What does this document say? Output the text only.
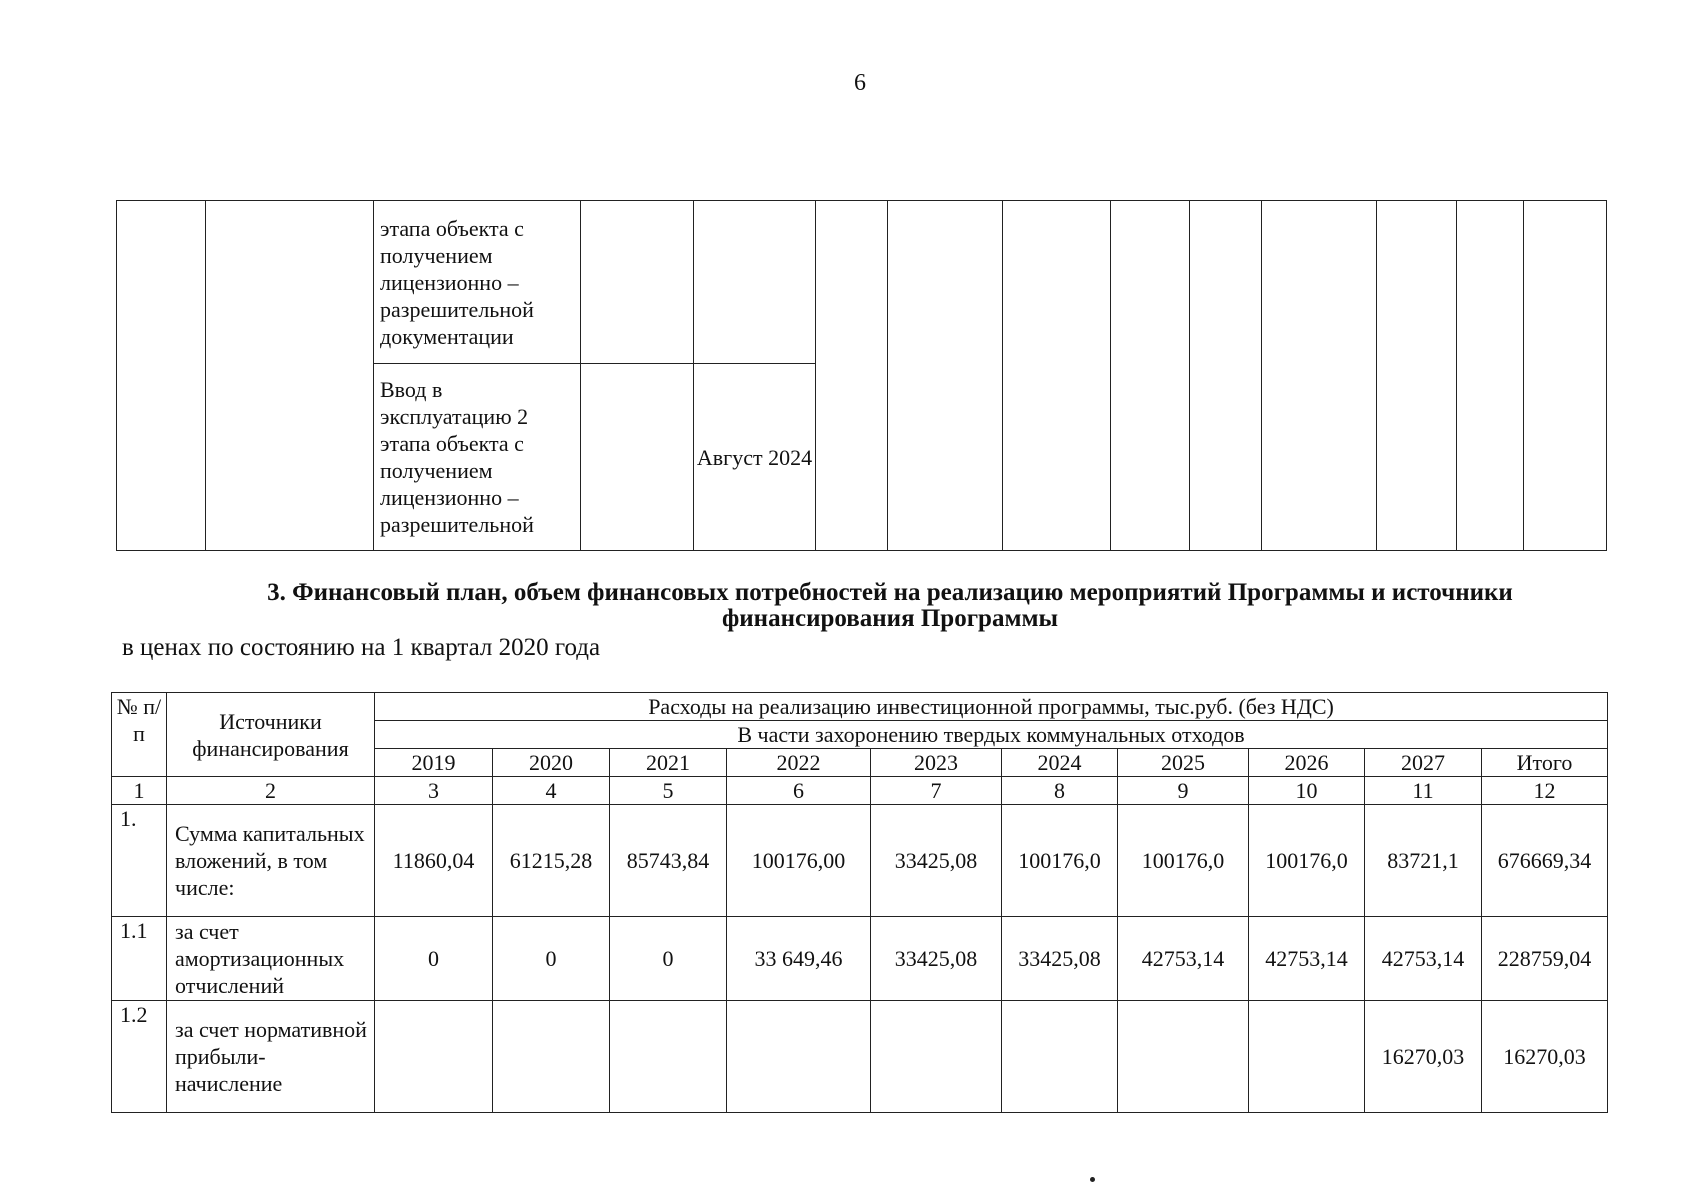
6
		этапа объекта с получением лицензионно – разрешительной документации											
		Ввод в эксплуатацию 2 этапа объекта с получением лицензионно – разрешительной		Август 2024									
3. Финансовый план, объем финансовых потребностей на реализацию мероприятий Программы и источники финансирования Программы
в ценах по состоянию на 1 квартал 2020 года
№ п/п	Источники финансирования	Расходы на реализацию инвестиционной программы, тыс.руб. (без НДС)									
		В части захоронению твердых коммунальных отходов									
		2019	2020	2021	2022	2023	2024	2025	2026	2027	Итого
1	2	3	4	5	6	7	8	9	10	11	12
1.	Сумма капитальных вложений, в том числе:	11860,04	61215,28	85743,84	100176,00	33425,08	100176,0	100176,0	100176,0	83721,1	676669,34
1.1	за счет амортизационных отчислений	0	0	0	33 649,46	33425,08	33425,08	42753,14	42753,14	42753,14	228759,04
1.2	за счет нормативной прибыли-начисление									16270,03	16270,03
